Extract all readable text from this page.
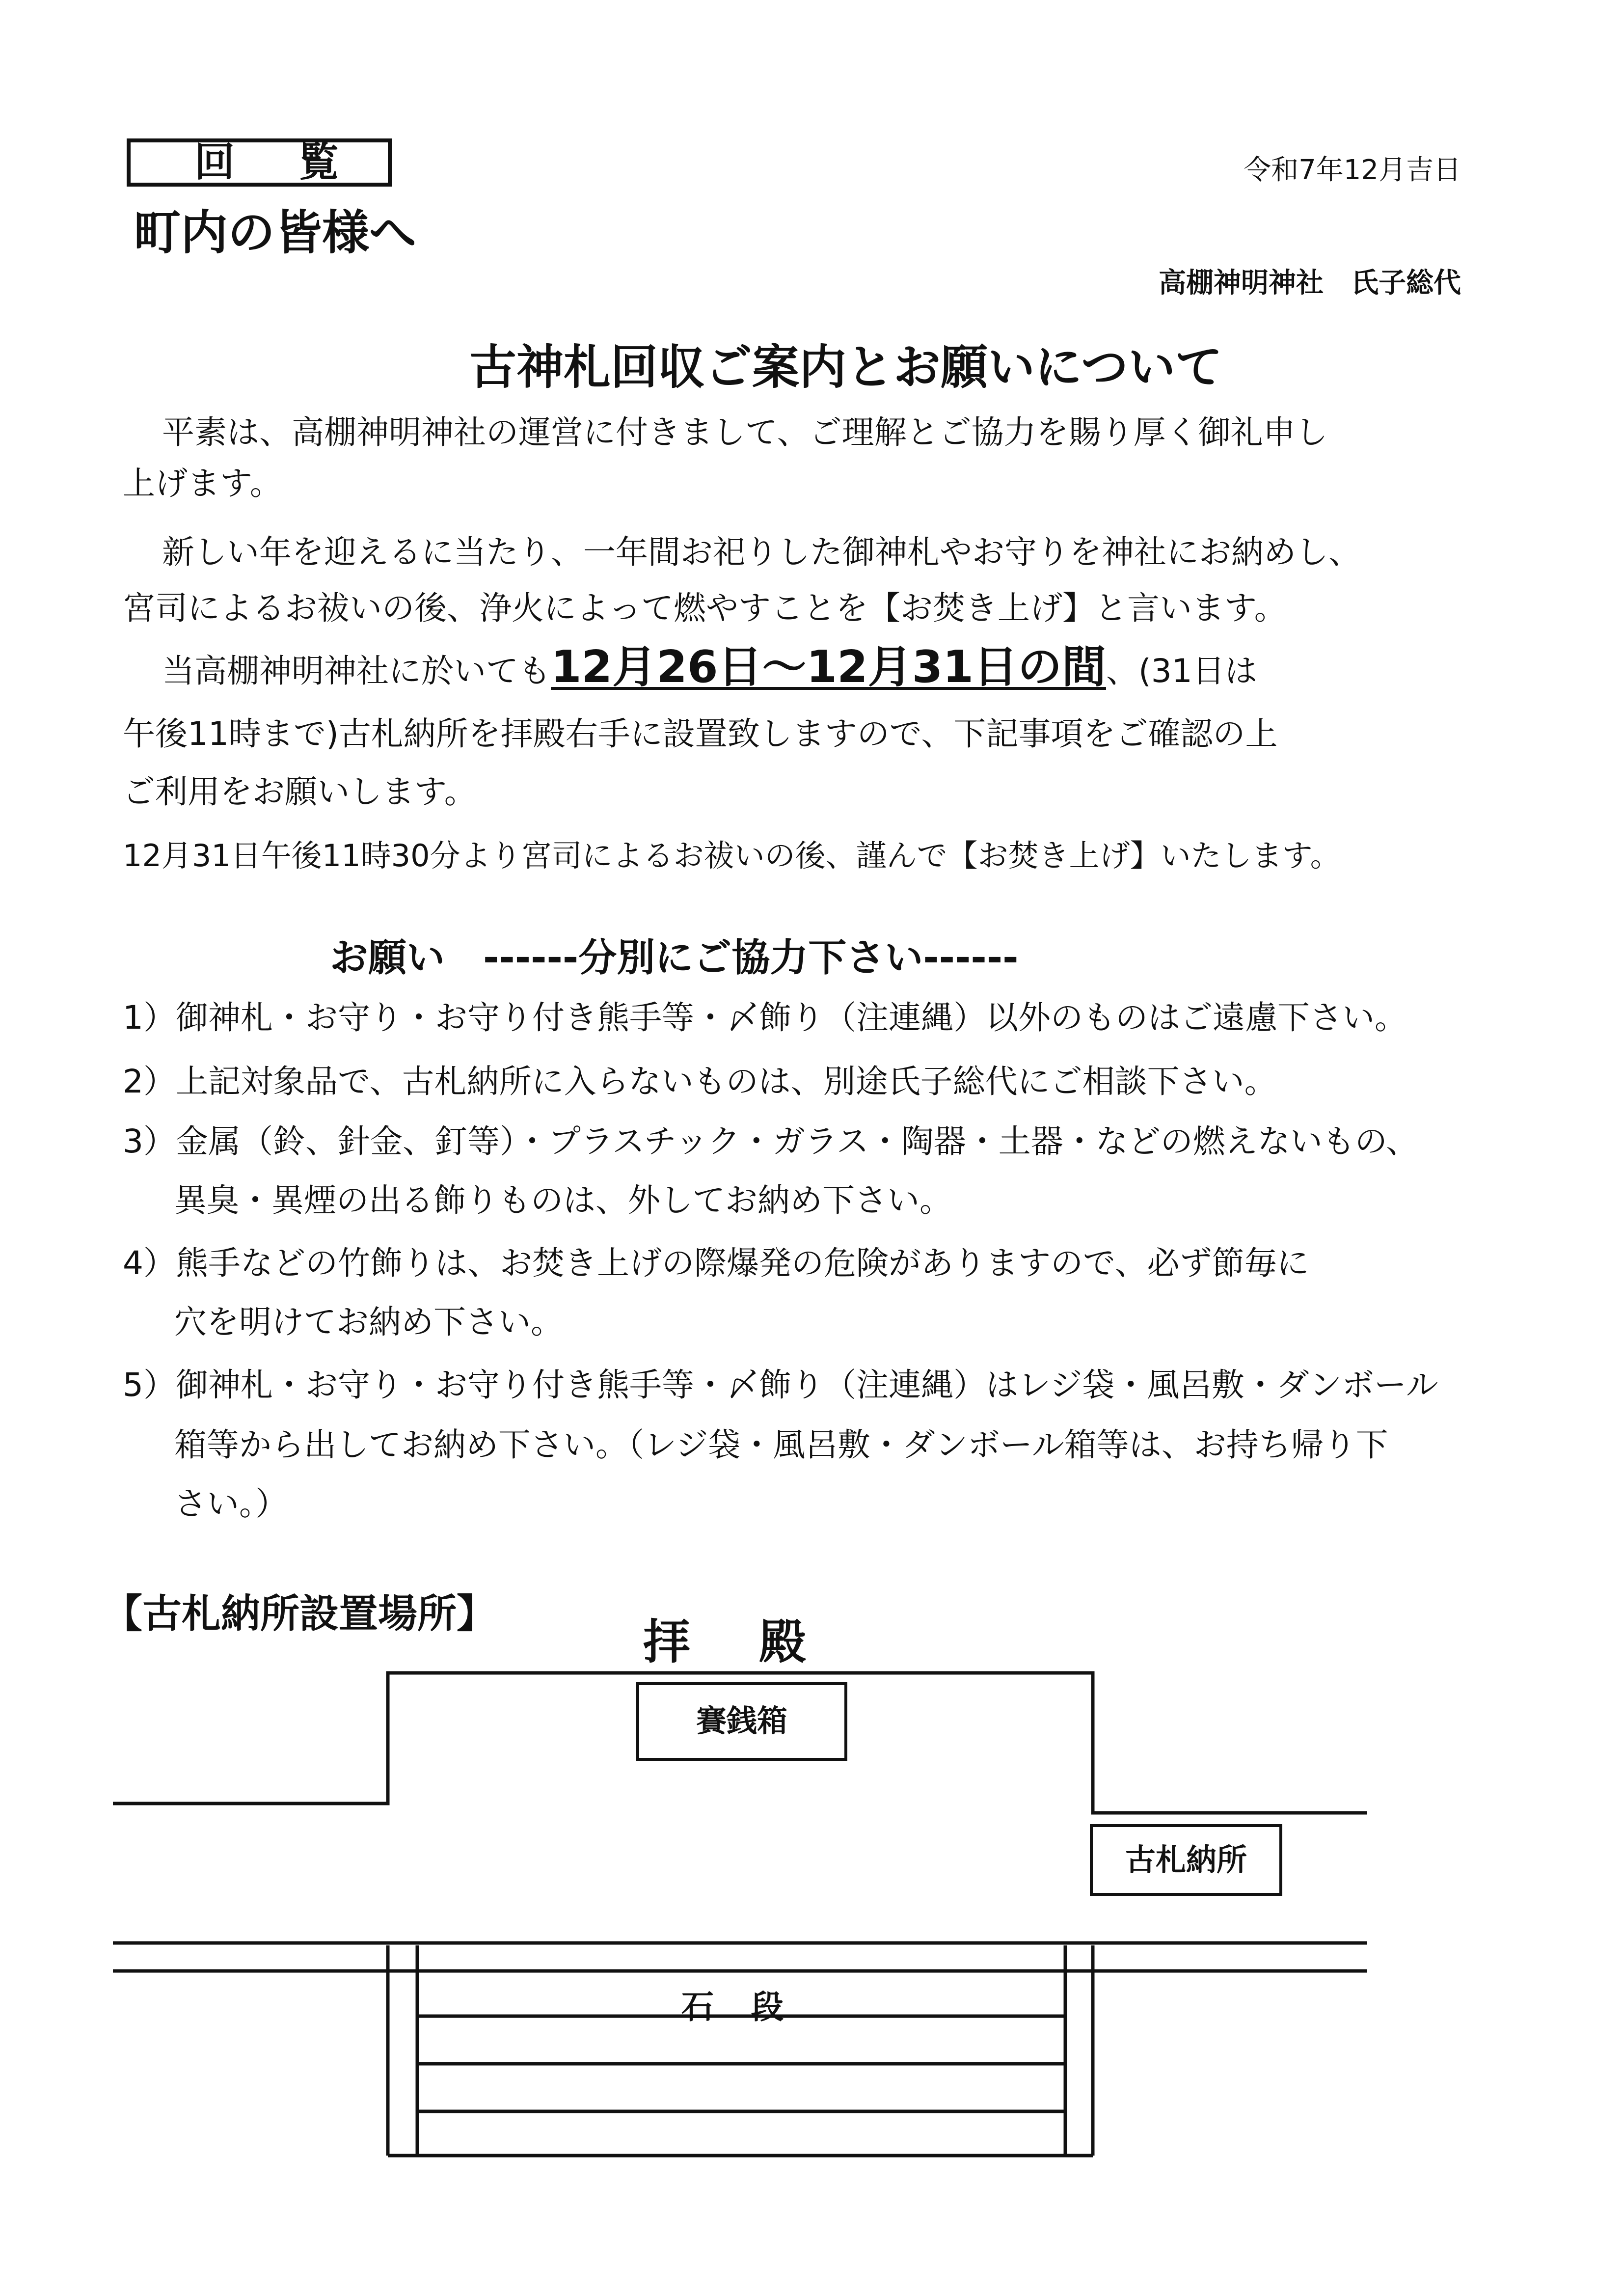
回覧	令和7年12月吉日
町内の皆様へ
高棚神明神社　氏子総代
古神札回収ご案内とお願いについて
平素は、高棚神明神社の運営に付きまして、ご理解とご協力を賜り厚く御礼申し
上げます。
新しい年を迎えるに当たり、一年間お祀りした御神札やお守りを神社にお納めし、
宮司によるお祓いの後、浄火によって燃やすことを【お焚き上げ】と言います。
当高棚神明神社に於いても12月26日～12月31日の間、(31日は
午後11時まで)古札納所を拝殿右手に設置致しますので、下記事項をご確認の上
ご利用をお願いします。
12月31日午後11時30分より宮司によるお祓いの後、謹んで【お焚き上げ】いたします。
お願い　------分別にご協力下さい------
1）御神札・お守り・お守り付き熊手等・〆飾り（注連縄）以外のものはご遠慮下さい。
2）上記対象品で、古札納所に入らないものは、別途氏子総代にご相談下さい。
3）金属（鈴、針金、釘等）・プラスチック・ガラス・陶器・土器・などの燃えないもの、
異臭・異煙の出る飾りものは、外してお納め下さい。
4）熊手などの竹飾りは、お焚き上げの際爆発の危険がありますので、必ず節毎に
穴を明けてお納め下さい。
5）御神札・お守り・お守り付き熊手等・〆飾り（注連縄）はレジ袋・風呂敷・ダンボール
箱等から出してお納め下さい。（レジ袋・風呂敷・ダンボール箱等は、お持ち帰り下
さい。）
【古札納所設置場所】
拝殿
賽銭箱
古札納所
石段
